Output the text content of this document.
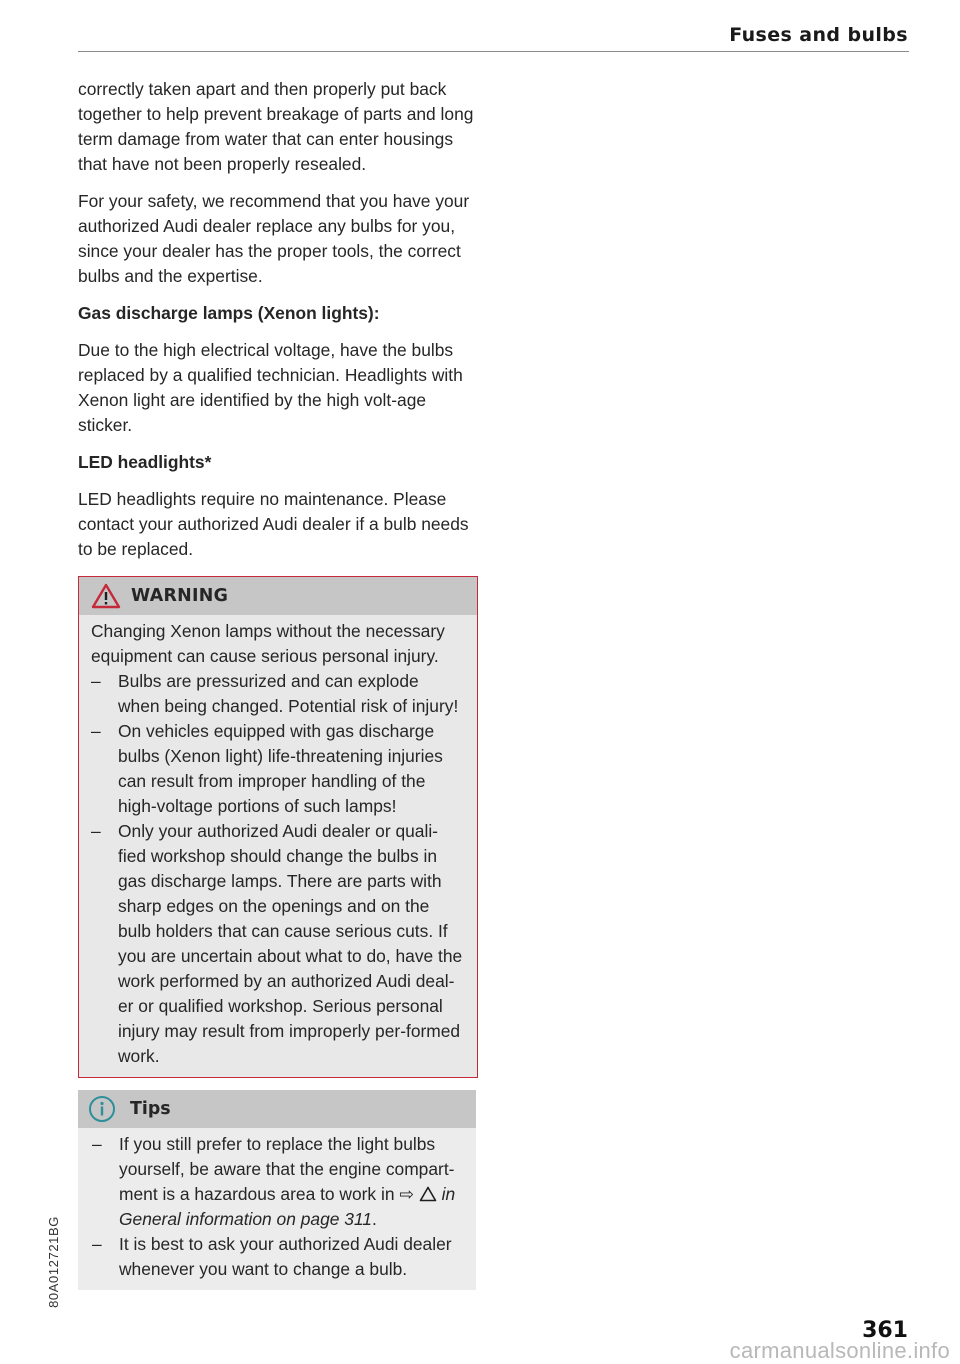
Fuses and bulbs

correctly taken apart and then properly put back together to help prevent breakage of parts and long term damage from water that can enter housings that have not been properly resealed.

For your safety, we recommend that you have your authorized Audi dealer replace any bulbs for you, since your dealer has the proper tools, the correct bulbs and the expertise.

Gas discharge lamps (Xenon lights):

Due to the high electrical voltage, have the bulbs replaced by a qualified technician. Headlights with Xenon light are identified by the high volt-age sticker.

LED headlights*

LED headlights require no maintenance. Please contact your authorized Audi dealer if a bulb needs to be replaced.

WARNING

Changing Xenon lamps without the necessary equipment can cause serious personal injury.

– Bulbs are pressurized and can explode when being changed. Potential risk of injury!
– On vehicles equipped with gas discharge bulbs (Xenon light) life-threatening injuries can result from improper handling of the high-voltage portions of such lamps!
– Only your authorized Audi dealer or quali-fied workshop should change the bulbs in gas discharge lamps. There are parts with sharp edges on the openings and on the bulb holders that can cause serious cuts. If you are uncertain about what to do, have the work performed by an authorized Audi deal-er or qualified workshop. Serious personal injury may result from improperly per-formed work.
Tips
– If you still prefer to replace the light bulbs yourself, be aware that the engine compart-ment is a hazardous area to work in ⇨ in General information on page 311.
– It is best to ask your authorized Audi dealer whenever you want to change a bulb.
80A012721BG
361
carmanualsonline.info
